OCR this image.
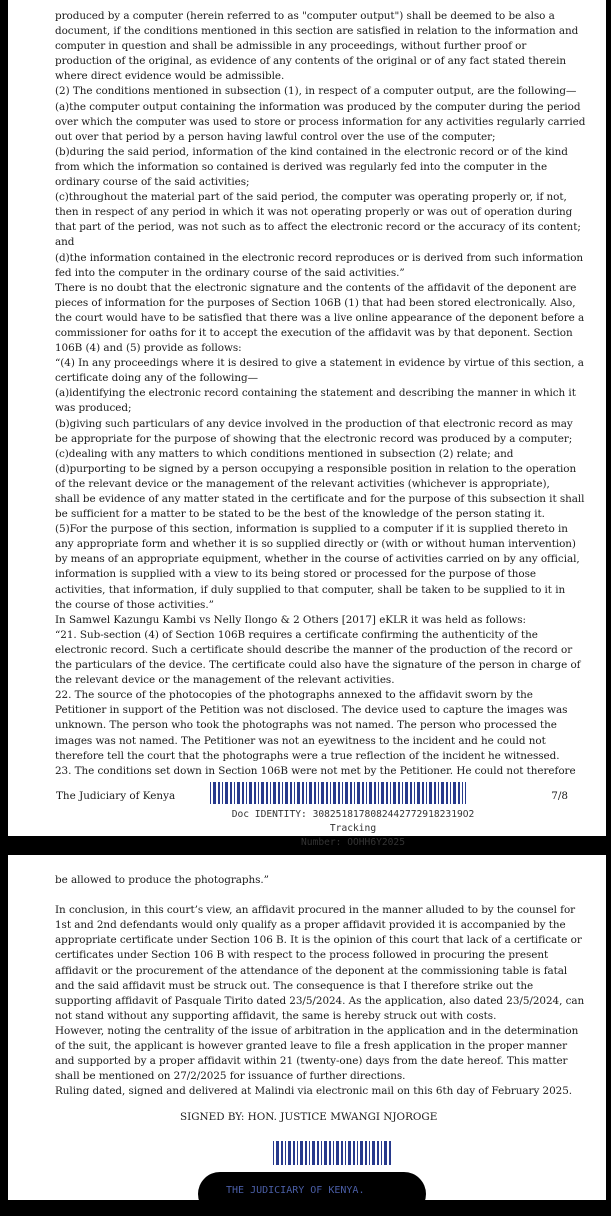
produced by a computer (herein referred to as "computer output") shall be deemed to be also a
document, if the conditions mentioned in this section are satisfied in relation to the information and
computer in question and shall be admissible in any proceedings, without further proof or
production of the original, as evidence of any contents of the original or of any fact stated therein
where direct evidence would be admissible.
(2) The conditions mentioned in subsection (1), in respect of a computer output, are the following—
(a)the computer output containing the information was produced by the computer during the period
over which the computer was used to store or process information for any activities regularly carried
out over that period by a person having lawful control over the use of the computer;
(b)during the said period, information of the kind contained in the electronic record or of the kind
from which the information so contained is derived was regularly fed into the computer in the
ordinary course of the said activities;
(c)throughout the material part of the said period, the computer was operating properly or, if not,
then in respect of any period in which it was not operating properly or was out of operation during
that part of the period, was not such as to affect the electronic record or the accuracy of its content;
and
(d)the information contained in the electronic record reproduces or is derived from such information
fed into the computer in the ordinary course of the said activities.”
There is no doubt that the electronic signature and the contents of the affidavit of the deponent are
pieces of information for the purposes of Section 106B (1) that had been stored electronically. Also,
the court would have to be satisfied that there was a live online appearance of the deponent before a
commissioner for oaths for it to accept the execution of the affidavit was by that deponent. Section
106B (4) and (5) provide as follows:
“(4) In any proceedings where it is desired to give a statement in evidence by virtue of this section, a
certificate doing any of the following—
(a)identifying the electronic record containing the statement and describing the manner in which it
was produced;
(b)giving such particulars of any device involved in the production of that electronic record as may
be appropriate for the purpose of showing that the electronic record was produced by a computer;
(c)dealing with any matters to which conditions mentioned in subsection (2) relate; and
(d)purporting to be signed by a person occupying a responsible position in relation to the operation
of the relevant device or the management of the relevant activities (whichever is appropriate),
shall be evidence of any matter stated in the certificate and for the purpose of this subsection it shall
be sufficient for a matter to be stated to be the best of the knowledge of the person stating it.
(5)For the purpose of this section, information is supplied to a computer if it is supplied thereto in
any appropriate form and whether it is so supplied directly or (with or without human intervention)
by means of an appropriate equipment, whether in the course of activities carried on by any official,
information is supplied with a view to its being stored or processed for the purpose of those
activities, that information, if duly supplied to that computer, shall be taken to be supplied to it in
the course of those activities.”
In Samwel Kazungu Kambi vs Nelly Ilongo & 2 Others [2017] eKLR it was held as follows:
“21. Sub-section (4) of Section 106B requires a certificate confirming the authenticity of the
electronic record. Such a certificate should describe the manner of the production of the record or
the particulars of the device. The certificate could also have the signature of the person in charge of
the relevant device or the management of the relevant activities.
22. The source of the photocopies of the photographs annexed to the affidavit sworn by the
Petitioner in support of the Petition was not disclosed. The device used to capture the images was
unknown. The person who took the photographs was not named. The person who processed the
images was not named. The Petitioner was not an eyewitness to the incident and he could not
therefore tell the court that the photographs were a true reflection of the incident he witnessed.
23. The conditions set down in Section 106B were not met by the Petitioner. He could not therefore

The Judiciary of Kenya
Doc IDENTITY: 30825181780824427729182319O2 Tracking
Number: OOHH6Y2025
7/8

be allowed to produce the photographs.”

In conclusion, in this court’s view, an affidavit procured in the manner alluded to by the counsel for
1st and 2nd defendants would only qualify as a proper affidavit provided it is accompanied by the
appropriate certificate under Section 106 B. It is the opinion of this court that lack of a certificate or
certificates under Section 106 B with respect to the process followed in procuring the present
affidavit or the procurement of the attendance of the deponent at the commissioning table is fatal
and the said affidavit must be struck out. The consequence is that I therefore strike out the
supporting affidavit of Pasquale Tirito dated 23/5/2024. As the application, also dated 23/5/2024, can
not stand without any supporting affidavit, the same is hereby struck out with costs.
However, noting the centrality of the issue of arbitration in the application and in the determination
of the suit, the applicant is however granted leave to file a fresh application in the proper manner
and supported by a proper affidavit within 21 (twenty-one) days from the date hereof. This matter
shall be mentioned on 27/2/2025 for issuance of further directions.
Ruling dated, signed and delivered at Malindi via electronic mail on this 6th day of February 2025.

SIGNED BY: HON. JUSTICE MWANGI NJOROGE
THE JUDICIARY OF KENYA.
